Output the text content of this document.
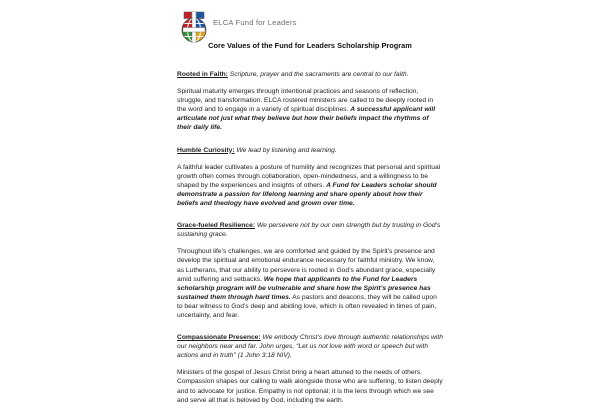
ELCA Fund for Leaders
Core Values of the Fund for Leaders Scholarship Program

Rooted in Faith: Scripture, prayer and the sacraments are central to our faith.

Spiritual maturity emerges through intentional practices and seasons of reflection, struggle, and transformation. ELCA rostered ministers are called to be deeply rooted in the word and to engage in a variety of spiritual disciplines. A successful applicant will articulate not just what they believe but how their beliefs impact the rhythms of their daily life.

Humble Curiosity: We lead by listening and learning.

A faithful leader cultivates a posture of humility and recognizes that personal and spiritual growth often comes through collaboration, open-mindedness, and a willingness to be shaped by the experiences and insights of others. A Fund for Leaders scholar should demonstrate a passion for lifelong learning and share openly about how their beliefs and theology have evolved and grown over time.

Grace-fueled Resilience: We persevere not by our own strength but by trusting in God’s sustaining grace.

Throughout life’s challenges, we are comforted and guided by the Spirit’s presence and develop the spiritual and emotional endurance necessary for faithful ministry. We know, as Lutherans, that our ability to persevere is rooted in God’s abundant grace, especially amid suffering and setbacks. We hope that applicants to the Fund for Leaders scholarship program will be vulnerable and share how the Spirit’s presence has sustained them through hard times. As pastors and deacons, they will be called upon to bear witness to God’s deep and abiding love, which is often revealed in times of pain, uncertainty, and fear.

Compassionate Presence: We embody Christ’s love through authentic relationships with our neighbors near and far. John urges, “Let us not love with word or speech but with actions and in truth” (1 John 3:18 NIV).

Ministers of the gospel of Jesus Christ bring a heart attuned to the needs of others. Compassion shapes our calling to walk alongside those who are suffering, to listen deeply and to advocate for justice. Empathy is not optional; it is the lens through which we see and serve all that is beloved by God, including the earth.
